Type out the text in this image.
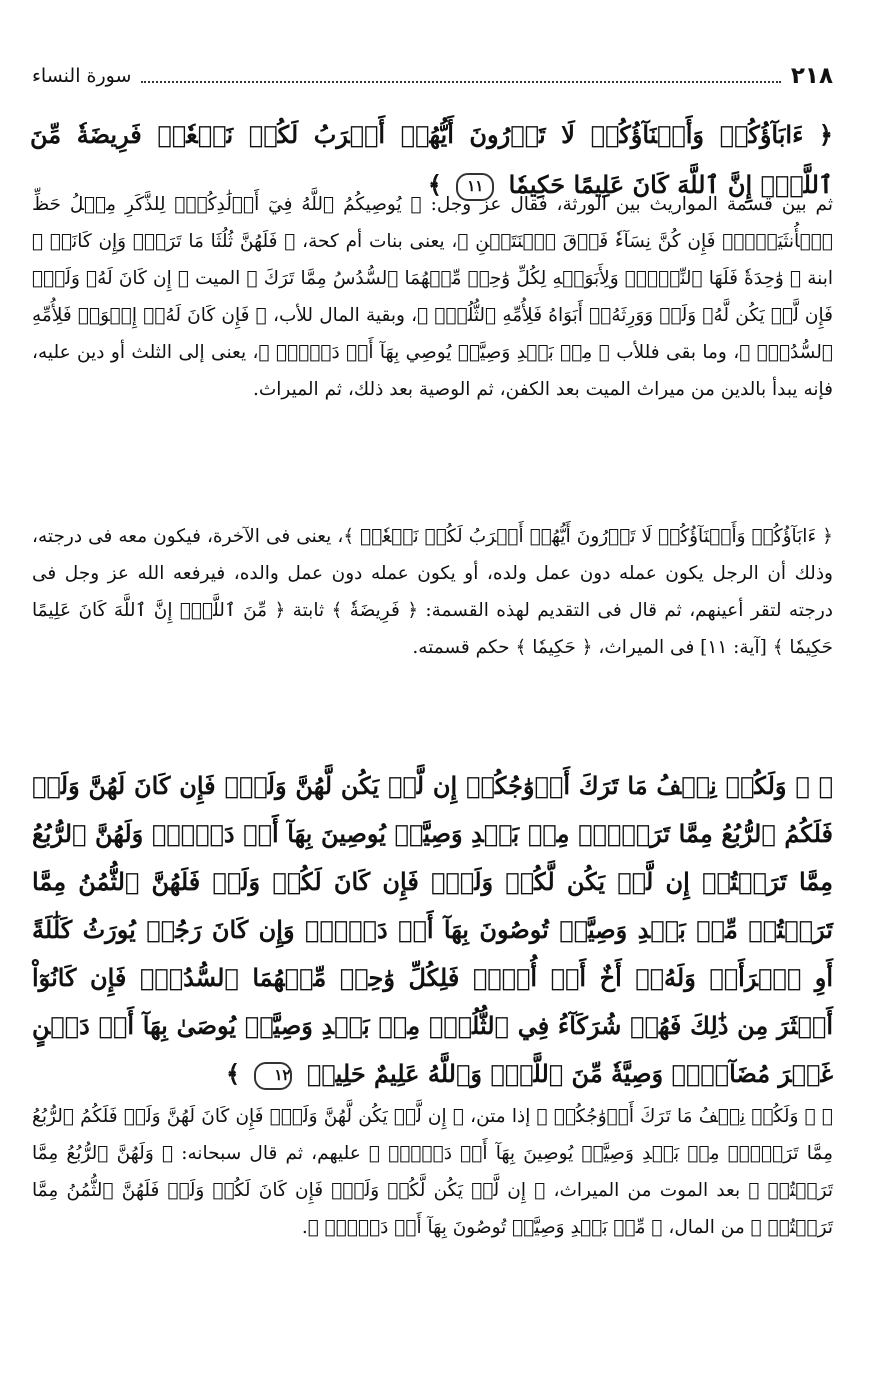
٢١٨
سورة النساء
﴿ ءَابَآؤُكُمۡ وَأَبۡنَآؤُكُمۡ لَا تَدۡرُونَ أَيُّهُمۡ أَقۡرَبُ لَكُمۡ نَفۡعٗاۚ فَرِيضَةٗ مِّنَ ٱللَّهِۗ إِنَّ ٱللَّهَ كَانَ عَلِيمًا حَكِيمٗا ١١ ﴾
ثم بين قسمة المواريث بين الورثة، فقال عز وجل: ﴿ يُوصِيكُمُ ٱللَّهُ فِيٓ أَوۡلَٰدِكُمۡۖ لِلذَّكَرِ مِثۡلُ حَظِّ ٱلۡأُنثَيَيۡنِۚ فَإِن كُنَّ نِسَآءٗ فَوۡقَ ٱثۡنَتَيۡنِ ﴾، يعنى بنات أم كحة، ﴿ فَلَهُنَّ ثُلُثَا مَا تَرَكَۖ وَإِن كَانَتۡ ﴾ ابنة ﴿ وَٰحِدَةٗ فَلَهَا ٱلنِّصۡفُۚ وَلِأَبَوَيۡهِ لِكُلِّ وَٰحِدٖ مِّنۡهُمَا ٱلسُّدُسُ مِمَّا تَرَكَ ﴾ الميت ﴿ إِن كَانَ لَهُۥ وَلَدٞۚ فَإِن لَّمۡ يَكُن لَّهُۥ وَلَدٞ وَوَرِثَهُۥٓ أَبَوَاهُ فَلِأُمِّهِ ٱلثُّلُثُۚ ﴾، وبقية المال للأب، ﴿ فَإِن كَانَ لَهُۥٓ إِخۡوَةٞ فَلِأُمِّهِ ٱلسُّدُسُۚ ﴾، وما بقى فللأب ﴿ مِنۢ بَعۡدِ وَصِيَّةٖ يُوصِي بِهَآ أَوۡ دَيۡنٍۗ ﴾، يعنى إلى الثلث أو دين عليه، فإنه يبدأ بالدين من ميراث الميت بعد الكفن، ثم الوصية بعد ذلك، ثم الميراث.
﴿ ءَابَآؤُكُمۡ وَأَبۡنَآؤُكُمۡ لَا تَدۡرُونَ أَيُّهُمۡ أَقۡرَبُ لَكُمۡ نَفۡعٗاۚ ﴾، يعنى فى الآخرة، فيكون معه فى درجته، وذلك أن الرجل يكون عمله دون عمل ولده، أو يكون عمله دون عمل والده، فيرفعه الله عز وجل فى درجته لتقر أعينهم، ثم قال فى التقديم لهذه القسمة: ﴿ فَرِيضَةٗ ﴾ ثابتة ﴿ مِّنَ ٱللَّهِۗ إِنَّ ٱللَّهَ كَانَ عَلِيمًا حَكِيمٗا ﴾ [آية: ١١] فى الميراث، ﴿ حَكِيمٗا ﴾ حكم قسمته.
﴿ ۞ وَلَكُمۡ نِصۡفُ مَا تَرَكَ أَزۡوَٰجُكُمۡ إِن لَّمۡ يَكُن لَّهُنَّ وَلَدٞۚ فَإِن كَانَ لَهُنَّ وَلَدٞ فَلَكُمُ ٱلرُّبُعُ مِمَّا تَرَكۡنَۚ مِنۢ بَعۡدِ وَصِيَّةٖ يُوصِينَ بِهَآ أَوۡ دَيۡنٖۚ وَلَهُنَّ ٱلرُّبُعُ مِمَّا تَرَكۡتُمۡ إِن لَّمۡ يَكُن لَّكُمۡ وَلَدٞۚ فَإِن كَانَ لَكُمۡ وَلَدٞ فَلَهُنَّ ٱلثُّمُنُ مِمَّا تَرَكۡتُمۚ مِّنۢ بَعۡدِ وَصِيَّةٖ تُوصُونَ بِهَآ أَوۡ دَيۡنٖۗ وَإِن كَانَ رَجُلٞ يُورَثُ كَلَٰلَةً أَوِ ٱمۡرَأَةٞ وَلَهُۥٓ أَخٌ أَوۡ أُخۡتٞ فَلِكُلِّ وَٰحِدٖ مِّنۡهُمَا ٱلسُّدُسُۚ فَإِن كَانُوٓاْ أَكۡثَرَ مِن ذَٰلِكَ فَهُمۡ شُرَكَآءُ فِي ٱلثُّلُثِۚ مِنۢ بَعۡدِ وَصِيَّةٖ يُوصَىٰ بِهَآ أَوۡ دَيۡنٍ غَيۡرَ مُضَآرّٖۚ وَصِيَّةٗ مِّنَ ٱللَّهِۗ وَٱللَّهُ عَلِيمٌ حَلِيمٞ ١٢ ﴾
﴿ ۞ وَلَكُمۡ نِصۡفُ مَا تَرَكَ أَزۡوَٰجُكُمۡ ﴾ إذا متن، ﴿ إِن لَّمۡ يَكُن لَّهُنَّ وَلَدٞۚ فَإِن كَانَ لَهُنَّ وَلَدٞ فَلَكُمُ ٱلرُّبُعُ مِمَّا تَرَكۡنَۚ مِنۢ بَعۡدِ وَصِيَّةٖ يُوصِينَ بِهَآ أَوۡ دَيۡنٖۚ ﴾ عليهم، ثم قال سبحانه: ﴿ وَلَهُنَّ ٱلرُّبُعُ مِمَّا تَرَكۡتُمۡ ﴾ بعد الموت من الميراث، ﴿ إِن لَّمۡ يَكُن لَّكُمۡ وَلَدٞۚ فَإِن كَانَ لَكُمۡ وَلَدٞ فَلَهُنَّ ٱلثُّمُنُ مِمَّا تَرَكۡتُمۚ ﴾ من المال، ﴿ مِّنۢ بَعۡدِ وَصِيَّةٖ تُوصُونَ بِهَآ أَوۡ دَيۡنٖۗ ﴾.
